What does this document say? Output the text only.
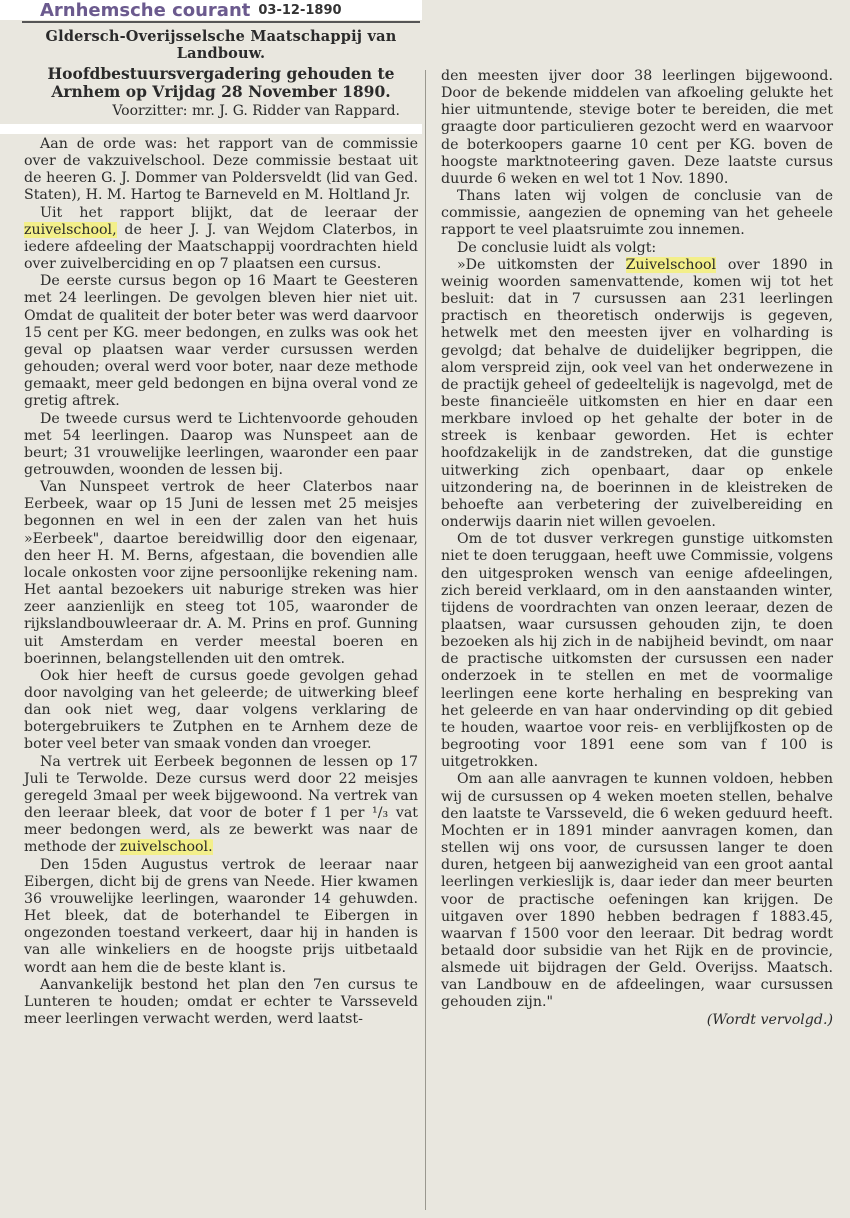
Gldersch-Overijsselsche Maatschappij van Landbouw.
Hoofdbestuursvergadering gehouden te Arnhem op Vrijdag 28 November 1890.
Voorzitter: mr. J. G. Ridder van Rappard.

Aan de orde was: het rapport van de commissie over de vakzuivelschool. Deze commissie bestaat uit de heeren G. J. Dommer van Poldersveldt (lid van Ged. Staten), H. M. Hartog te Barneveld en M. Holtland Jr.

Uit het rapport blijkt, dat de leeraar der zuivelschool, de heer J. J. van Wejdom Claterbos, in iedere afdeeling der Maatschappij voordrachten hield over zuivelberciding en op 7 plaatsen een cursus.

De eerste cursus begon op 16 Maart te Geesteren met 24 leerlingen. De gevolgen bleven hier niet uit. Omdat de qualiteit der boter beter was werd daarvoor 15 cent per KG. meer bedongen, en zulks was ook het geval op plaatsen waar verder cursussen werden gehouden; overal werd voor boter, naar deze methode gemaakt, meer geld bedongen en bijna overal vond ze gretig aftrek.

De tweede cursus werd te Lichtenvoorde gehouden met 54 leerlingen. Daarop was Nunspeet aan de beurt; 31 vrouwelijke leerlingen, waaronder een paar getrouwden, woonden de lessen bij.

Van Nunspeet vertrok de heer Claterbos naar Eerbeek, waar op 15 Juni de lessen met 25 meisjes begonnen en wel in een der zalen van het huis »Eerbeek", daartoe bereidwillig door den eigenaar, den heer H. M. Berns, afgestaan, die bovendien alle locale onkosten voor zijne persoonlijke rekening nam. Het aantal bezoekers uit naburige streken was hier zeer aanzienlijk en steeg tot 105, waaronder de rijkslandbouwleeraar dr. A. M. Prins en prof. Gunning uit Amsterdam en verder meestal boeren en boerinnen, belangstellenden uit den omtrek.

Ook hier heeft de cursus goede gevolgen gehad door navolging van het geleerde; de uitwerking bleef dan ook niet weg, daar volgens verklaring de botergebruikers te Zutphen en te Arnhem deze de boter veel beter van smaak vonden dan vroeger.

Na vertrek uit Eerbeek begonnen de lessen op 17 Juli te Terwolde. Deze cursus werd door 22 meisjes geregeld 3maal per week bijgewoond. Na vertrek van den leeraar bleek, dat voor de boter f 1 per ¹/₃ vat meer bedongen werd, als ze bewerkt was naar de methode der zuivelschool.

Den 15den Augustus vertrok de leeraar naar Eibergen, dicht bij de grens van Neede. Hier kwamen 36 vrouwelijke leerlingen, waaronder 14 gehuwden. Het bleek, dat de boterhandel te Eibergen in ongezonden toestand verkeert, daar hij in handen is van alle winkeliers en de hoogste prijs uitbetaald wordt aan hem die de beste klant is.

Aanvankelijk bestond het plan den 7en cursus te Lunteren te houden; omdat er echter te Varsseveld meer leerlingen verwacht werden, werd laatst-

den meesten ijver door 38 leerlingen bijgewoond. Door de bekende middelen van afkoeling gelukte het hier uitmuntende, stevige boter te bereiden, die met graagte door particulieren gezocht werd en waarvoor de boterkoopers gaarne 10 cent per KG. boven de hoogste marktnoteering gaven. Deze laatste cursus duurde 6 weken en wel tot 1 Nov. 1890.

Thans laten wij volgen de conclusie van de commissie, aangezien de opneming van het geheele rapport te veel plaatsruimte zou innemen.

De conclusie luidt als volgt:

»De uitkomsten der Zuivelschool over 1890 in weinig woorden samenvattende, komen wij tot het besluit: dat in 7 cursussen aan 231 leerlingen practisch en theoretisch onderwijs is gegeven, hetwelk met den meesten ijver en volharding is gevolgd; dat behalve de duidelijker begrippen, die alom verspreid zijn, ook veel van het onderwezene in de practijk geheel of gedeeltelijk is nagevolgd, met de beste financieële uitkomsten en hier en daar een merkbare invloed op het gehalte der boter in de streek is kenbaar geworden. Het is echter hoofdzakelijk in de zandstreken, dat die gunstige uitwerking zich openbaart, daar op enkele uitzondering na, de boerinnen in de kleistreken de behoefte aan verbetering der zuivelbereiding en onderwijs daarin niet willen gevoelen.

Om de tot dusver verkregen gunstige uitkomsten niet te doen teruggaan, heeft uwe Commissie, volgens den uitgesproken wensch van eenige afdeelingen, zich bereid verklaard, om in den aanstaanden winter, tijdens de voordrachten van onzen leeraar, dezen de plaatsen, waar cursussen gehouden zijn, te doen bezoeken als hij zich in de nabijheid bevindt, om naar de practische uitkomsten der cursussen een nader onderzoek in te stellen en met de voormalige leerlingen eene korte herhaling en bespreking van het geleerde en van haar ondervinding op dit gebied te houden, waartoe voor reis- en verblijfkosten op de begrooting voor 1891 eene som van f 100 is uitgetrokken.

Om aan alle aanvragen te kunnen voldoen, hebben wij de cursussen op 4 weken moeten stellen, behalve den laatste te Varsseveld, die 6 weken geduurd heeft. Mochten er in 1891 minder aanvragen komen, dan stellen wij ons voor, de cursussen langer te doen duren, hetgeen bij aanwezigheid van een groot aantal leerlingen verkieslijk is, daar ieder dan meer beurten voor de practische oefeningen kan krijgen. De uitgaven over 1890 hebben bedragen f 1883.45, waarvan f 1500 voor den leeraar. Dit bedrag wordt betaald door subsidie van het Rijk en de provincie, alsmede uit bijdragen der Geld. Overijss. Maatsch. van Landbouw en de afdeelingen, waar cursussen gehouden zijn."

(Wordt vervolgd.)

Arnhemsche courant 03-12-1890
